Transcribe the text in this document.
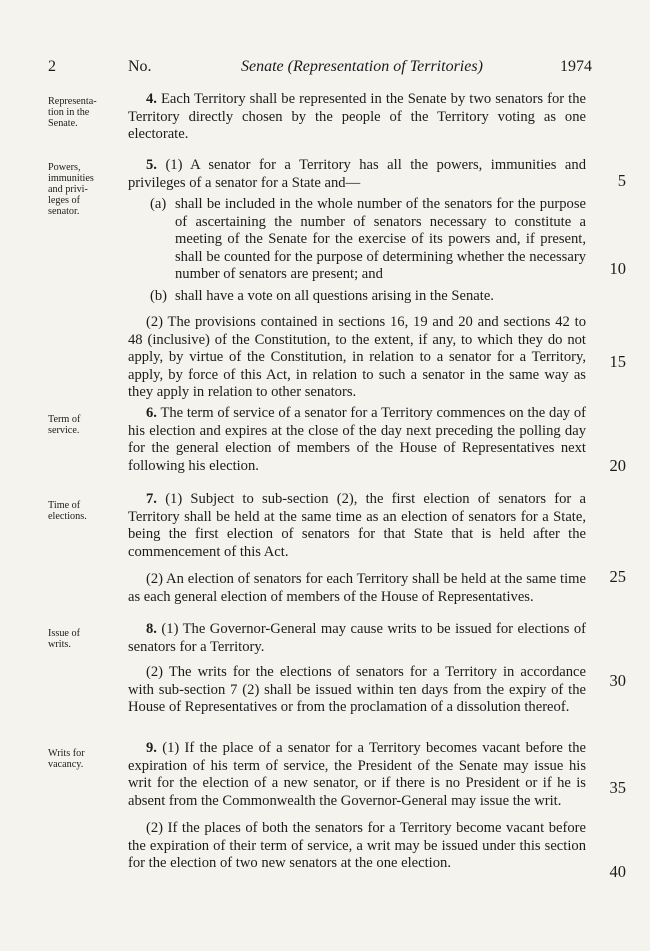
2	No.	Senate (Representation of Territories)	1974
Representa-
tion in the
Senate.

4. Each Territory shall be represented in the Senate by two senators for the Territory directly chosen by the people of the Territory voting as one electorate.

Powers,
immunities
and privi-
leges of
senator.

5. (1) A senator for a Territory has all the powers, immunities and privileges of a senator for a State and—

(a) shall be included in the whole number of the senators for the purpose of ascertaining the number of senators necessary to constitute a meeting of the Senate for the exercise of its powers and, if present, shall be counted for the purpose of determining whether the necessary number of senators are present; and

(b) shall have a vote on all questions arising in the Senate.

(2) The provisions contained in sections 16, 19 and 20 and sections 42 to 48 (inclusive) of the Constitution, to the extent, if any, to which they do not apply, by virtue of the Constitution, in relation to a senator for a Territory, apply, by force of this Act, in relation to such a senator in the same way as they apply in relation to other senators.

Term of
service.

6. The term of service of a senator for a Territory commences on the day of his election and expires at the close of the day next preceding the polling day for the general election of members of the House of Representatives next following his election.

Time of
elections.

7. (1) Subject to sub-section (2), the first election of senators for a Territory shall be held at the same time as an election of senators for a State, being the first election of senators for that State that is held after the commencement of this Act.

(2) An election of senators for each Territory shall be held at the same time as each general election of members of the House of Representatives.

Issue of
writs.

8. (1) The Governor-General may cause writs to be issued for elections of senators for a Territory.

(2) The writs for the elections of senators for a Territory in accordance with sub-section 7 (2) shall be issued within ten days from the expiry of the House of Representatives or from the proclamation of a dissolution thereof.

Writs for
vacancy.

9. (1) If the place of a senator for a Territory becomes vacant before the expiration of his term of service, the President of the Senate may issue his writ for the election of a new senator, or if there is no President or if he is absent from the Commonwealth the Governor-General may issue the writ.

(2) If the places of both the senators for a Territory become vacant before the expiration of their term of service, a writ may be issued under this section for the election of two new senators at the one election.

5
10
15
20
25
30
35
40
